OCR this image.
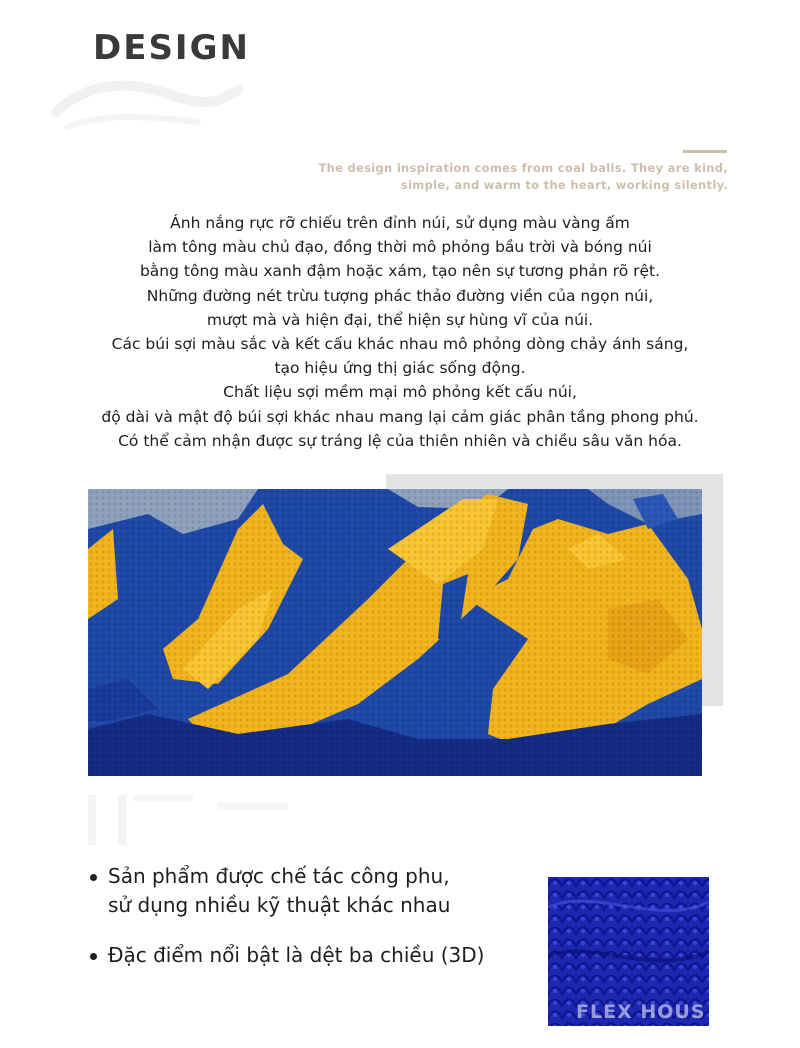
DESIGN
The design inspiration comes from coal balls. They are kind,
simple, and warm to the heart, working silently.
Ánh nắng rực rỡ chiếu trên đỉnh núi, sử dụng màu vàng ấm
làm tông màu chủ đạo, đồng thời mô phỏng bầu trời và bóng núi
bằng tông màu xanh đậm hoặc xám, tạo nên sự tương phản rõ rệt.
Những đường nét trừu tượng phác thảo đường viền của ngọn núi,
mượt mà và hiện đại, thể hiện sự hùng vĩ của núi.
Các búi sợi màu sắc và kết cấu khác nhau mô phỏng dòng chảy ánh sáng,
tạo hiệu ứng thị giác sống động.
Chất liệu sợi mềm mại mô phỏng kết cấu núi,
độ dài và mật độ búi sợi khác nhau mang lại cảm giác phân tầng phong phú.
Có thể cảm nhận được sự tráng lệ của thiên nhiên và chiều sâu văn hóa.
Sản phẩm được chế tác công phu,
sử dụng nhiều kỹ thuật khác nhau
Đặc điểm nổi bật là dệt ba chiều (3D)
FLEX HOUS
